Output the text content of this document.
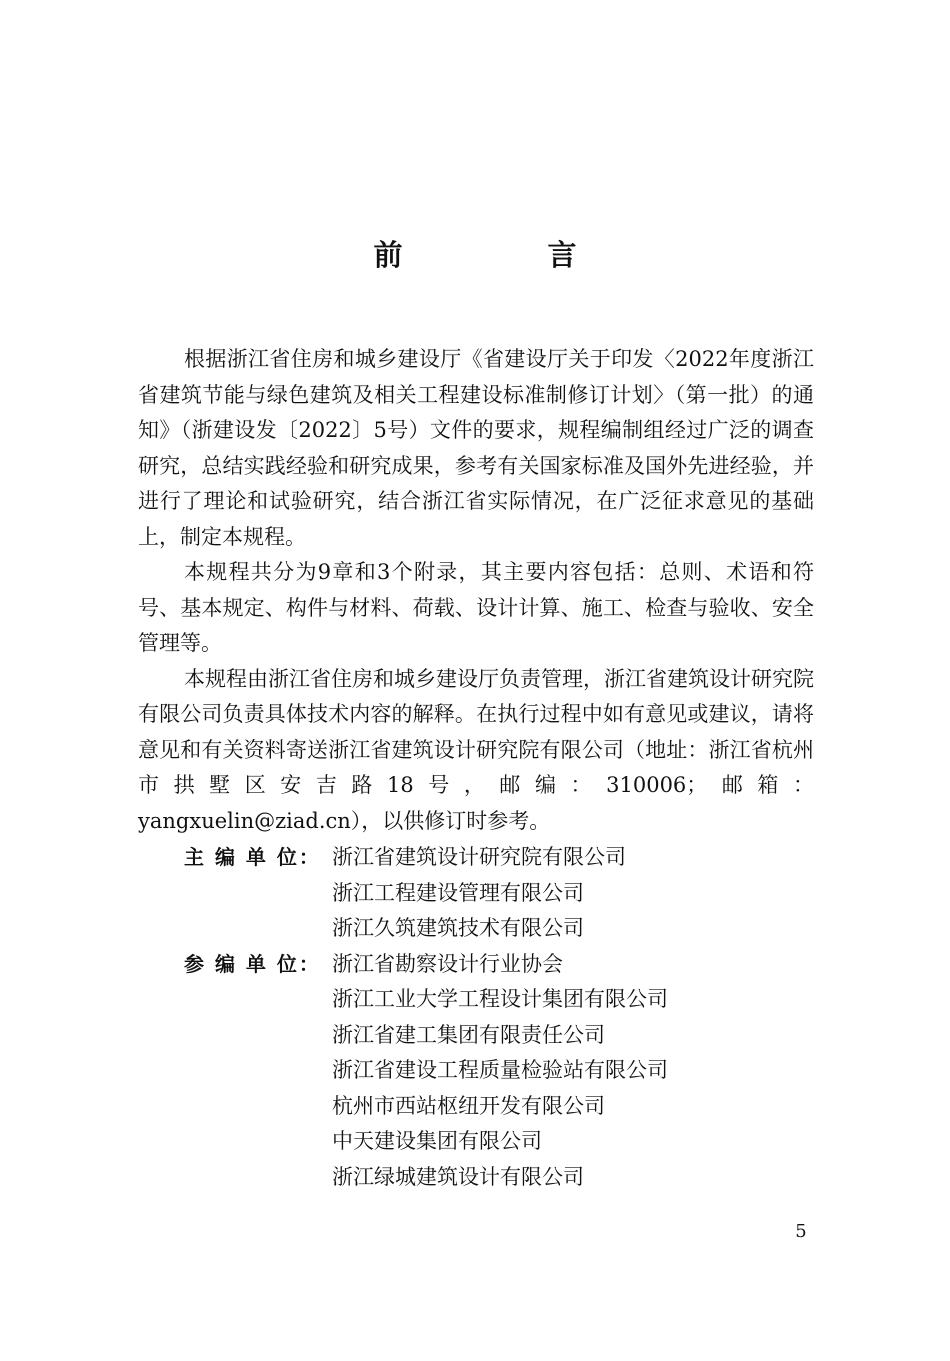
前　言

根据浙江省住房和城乡建设厅《省建设厅关于印发〈2022年度浙江省建筑节能与绿色建筑及相关工程建设标准制修订计划〉（第一批）的通知》（浙建设发〔2022〕5号）文件的要求，规程编制组经过广泛的调查研究，总结实践经验和研究成果，参考有关国家标准及国外先进经验，并进行了理论和试验研究，结合浙江省实际情况，在广泛征求意见的基础上，制定本规程。

本规程共分为9章和3个附录，其主要内容包括：总则、术语和符号、基本规定、构件与材料、荷载、设计计算、施工、检查与验收、安全管理等。

本规程由浙江省住房和城乡建设厅负责管理，浙江省建筑设计研究院有限公司负责具体技术内容的解释。在执行过程中如有意见或建议，请将意见和有关资料寄送浙江省建筑设计研究院有限公司（地址：浙江省杭州市拱墅区安吉路18号，邮编：310006；邮箱：yangxuelin@ziad.cn），以供修订时参考。

主 编 单 位： 浙江省建筑设计研究院有限公司
浙江工程建设管理有限公司
浙江久筑建筑技术有限公司
参 编 单 位： 浙江省勘察设计行业协会
浙江工业大学工程设计集团有限公司
浙江省建工集团有限责任公司
浙江省建设工程质量检验站有限公司
杭州市西站枢纽开发有限公司
中天建设集团有限公司
浙江绿城建筑设计有限公司
5
